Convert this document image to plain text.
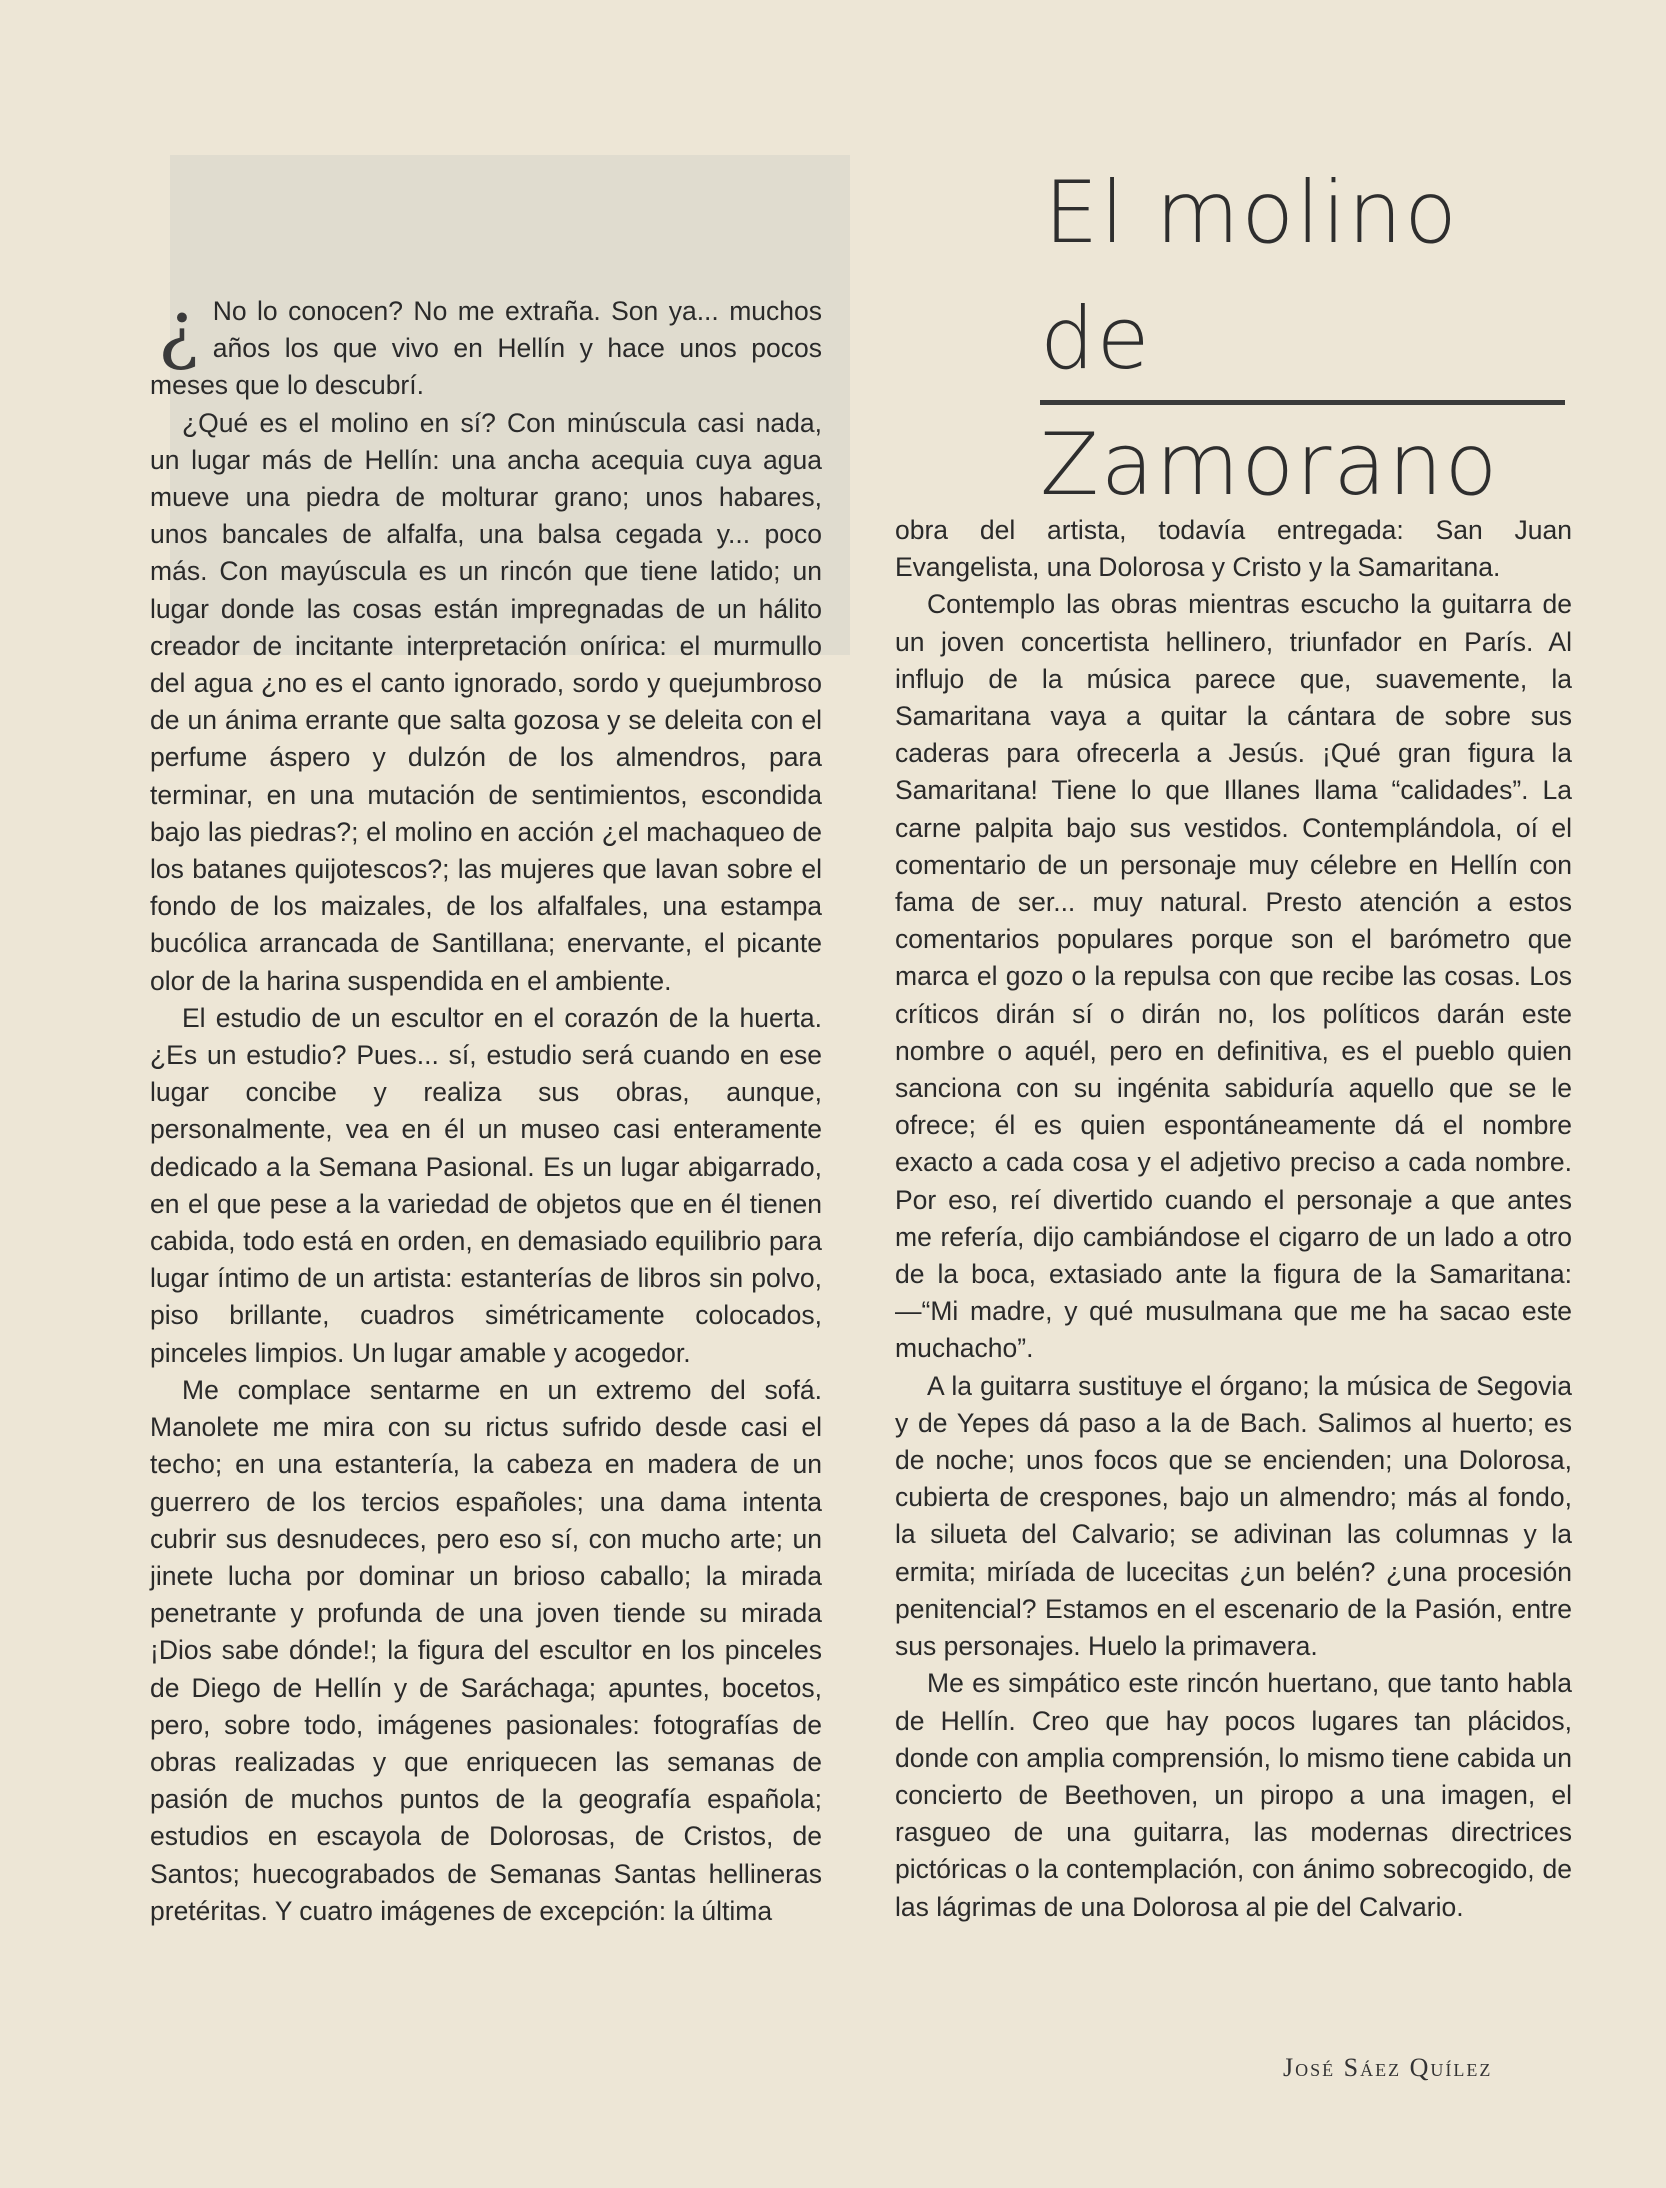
El molino
de Zamorano

¿ No lo conocen? No me extraña. Son ya... muchos años los que vivo en Hellín y hace unos pocos meses que lo descubrí.

¿Qué es el molino en sí? Con minúscula casi nada, un lugar más de Hellín: una ancha acequia cuya agua mueve una piedra de molturar grano; unos habares, unos bancales de alfalfa, una balsa cegada y... poco más. Con mayúscula es un rincón que tiene latido; un lugar donde las cosas están impregnadas de un hálito creador de incitante interpretación onírica: el murmullo del agua ¿no es el canto ignorado, sordo y quejumbroso de un ánima errante que salta gozosa y se deleita con el perfume áspero y dulzón de los almendros, para terminar, en una mutación de sentimientos, escondida bajo las piedras?; el molino en acción ¿el machaqueo de los batanes quijotescos?; las mujeres que lavan sobre el fondo de los maizales, de los alfalfales, una estampa bucólica arrancada de Santillana; enervante, el picante olor de la harina suspendida en el ambiente.

El estudio de un escultor en el corazón de la huerta. ¿Es un estudio? Pues... sí, estudio será cuando en ese lugar concibe y realiza sus obras, aunque, personalmente, vea en él un museo casi enteramente dedicado a la Semana Pasional. Es un lugar abigarrado, en el que pese a la variedad de objetos que en él tienen cabida, todo está en orden, en demasiado equilibrio para lugar íntimo de un artista: estanterías de libros sin polvo, piso brillante, cuadros simétricamente colocados, pinceles limpios. Un lugar amable y acogedor.

Me complace sentarme en un extremo del sofá. Manolete me mira con su rictus sufrido desde casi el techo; en una estantería, la cabeza en madera de un guerrero de los tercios españoles; una dama intenta cubrir sus desnudeces, pero eso sí, con mucho arte; un jinete lucha por dominar un brioso caballo; la mirada penetrante y profunda de una joven tiende su mirada ¡Dios sabe dónde!; la figura del escultor en los pinceles de Diego de Hellín y de Saráchaga; apuntes, bocetos, pero, sobre todo, imágenes pasionales: fotografías de obras realizadas y que enriquecen las semanas de pasión de muchos puntos de la geografía española; estudios en escayola de Dolorosas, de Cristos, de Santos; huecograbados de Semanas Santas hellineras pretéritas. Y cuatro imágenes de excepción: la última

obra del artista, todavía entregada: San Juan Evangelista, una Dolorosa y Cristo y la Samaritana.

Contemplo las obras mientras escucho la guitarra de un joven concertista hellinero, triunfador en París. Al influjo de la música parece que, suavemente, la Samaritana vaya a quitar la cántara de sobre sus caderas para ofrecerla a Jesús. ¡Qué gran figura la Samaritana! Tiene lo que Illanes llama “calidades”. La carne palpita bajo sus vestidos. Contemplándola, oí el comentario de un personaje muy célebre en Hellín con fama de ser... muy natural. Presto atención a estos comentarios populares porque son el barómetro que marca el gozo o la repulsa con que recibe las cosas. Los críticos dirán sí o dirán no, los políticos darán este nombre o aquél, pero en definitiva, es el pueblo quien sanciona con su ingénita sabiduría aquello que se le ofrece; él es quien espontáneamente dá el nombre exacto a cada cosa y el adjetivo preciso a cada nombre. Por eso, reí divertido cuando el personaje a que antes me refería, dijo cambiándose el cigarro de un lado a otro de la boca, extasiado ante la figura de la Samaritana: —“Mi madre, y qué musulmana que me ha sacao este muchacho”.

A la guitarra sustituye el órgano; la música de Segovia y de Yepes dá paso a la de Bach. Salimos al huerto; es de noche; unos focos que se encienden; una Dolorosa, cubierta de crespones, bajo un almendro; más al fondo, la silueta del Calvario; se adivinan las columnas y la ermita; miríada de lucecitas ¿un belén? ¿una procesión penitencial? Estamos en el escenario de la Pasión, entre sus personajes. Huelo la primavera.

Me es simpático este rincón huertano, que tanto habla de Hellín. Creo que hay pocos lugares tan plácidos, donde con amplia comprensión, lo mismo tiene cabida un concierto de Beethoven, un piropo a una imagen, el rasgueo de una guitarra, las modernas directrices pictóricas o la contemplación, con ánimo sobrecogido, de las lágrimas de una Dolorosa al pie del Calvario.

José Sáez Quílez
